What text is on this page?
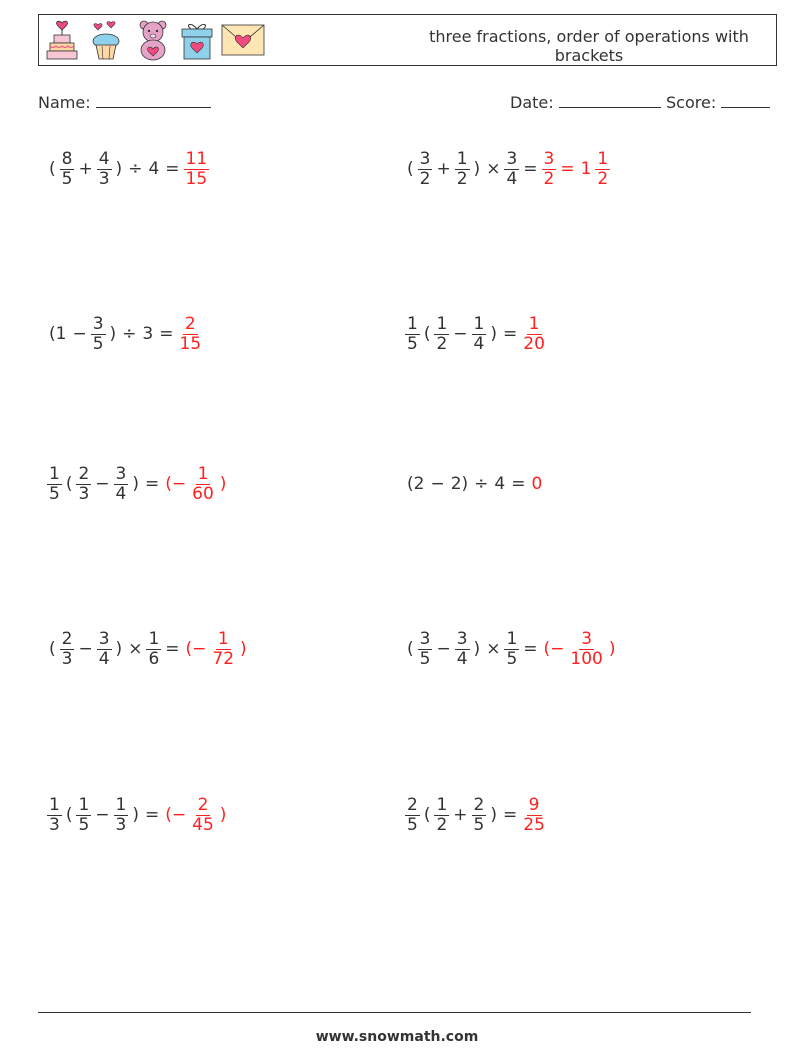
three fractions, order of operations with brackets
Name:	Date:	Score:
( $\frac{8}{5} + \frac{4}{3}$ ) ÷ $4 = \frac{11}{15}$	( $\frac{3}{2} + \frac{1}{2}$ ) × $\frac{3}{4} = \frac{3}{2} = 1 \frac{1}{2}$
($1 - \frac{3}{5}$ ) ÷ $3 = \frac{2}{15}$	$\frac{1}{5}$ ( $\frac{1}{2} - \frac{1}{4}$ ) = $\frac{1}{20}$
$\frac{1}{5}$ ( $\frac{2}{3} - \frac{3}{4}$ ) = (− $\frac{1}{60}$ )	(2 − 2) ÷ 4 = 0
( $\frac{2}{3} - \frac{3}{4}$ ) × $\frac{1}{6}$ = (− $\frac{1}{72}$ )	( $\frac{3}{5} - \frac{3}{4}$ ) × $\frac{1}{5}$ = (− $\frac{3}{100}$ )
$\frac{1}{3}$ ( $\frac{1}{5} - \frac{1}{3}$ ) = (− $\frac{2}{45}$ )	$\frac{2}{5}$ ( $\frac{1}{2} + \frac{2}{5}$ ) = $\frac{9}{25}$
www.snowmath.com
